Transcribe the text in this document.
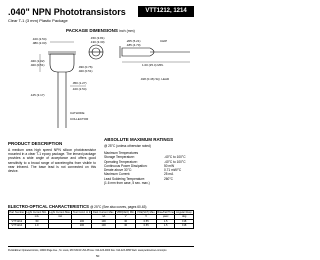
.040" NPN Phototransistors
Clear T-1 (3 mm) Plastic Package
VTT1212, 1214
PACKAGE DIMENSIONS inch (mm)
.100 (2.54)
.080 (2.03)
.150 (3.81)
.130 (3.30)
.040 (1.02)
.020 (0.51)
.205 (5.21)
.185 (4.70)
.030 (0.76)
.020 (0.51)
.050 (1.27)
.100 (2.54)
1.00 (25.4) MIN.
.018 (0.46) SQ. LEAD
CHIP
.125 (3.17)
CATHODE
COLLECTOR
PRODUCT DESCRIPTION

A medium area high speed NPN silicon phototransistor mounted in a clear T-1 epoxy package. The lensed package provides a wide angle of acceptance and offers good sensitivity to a broad range of wavelengths from visible to near infrared. The base lead is not connected on this device.

ABSOLUTE MAXIMUM RATINGS
@ 25°C (unless otherwise noted)
Maximum Temperatures
Storage Temperature:	-40°C to 100°C
Operating Temperature:	-40°C to 100°C
Continuous Power Dissipation:	50 mW
Derate above 30°C:	0.71 mW/°C
Maximum Current:	25 mA
Lead Soldering Temperature:	260°C
(1.6 mm from case, 5 sec. max.)
ELECTRO-OPTICAL CHARACTERISTICS @ 25°C (See also curves, pages 60-63)
Part Number	Light Current Min.	Light Current Max.	Test Cond. H fc	Dark Current Max.	VBR(CEO) Min.	VCE(SAT) Max.	Rise/Fall Time	Angular Resp.
	mA	mA		nA	V	V	µsec	deg
VTT1212	.50		100	100	30	0.55	1.5	±18
VTT1214	1.0		100	100	30	0.55	1.5	±18
PerkinElmer Optoelectronics, 10900 Page Ave., St. Louis, MO 63132 USA Phone: 314-423-4900 Fax: 314-423-3956 Web: www.perkinelmer.com/opto
50
